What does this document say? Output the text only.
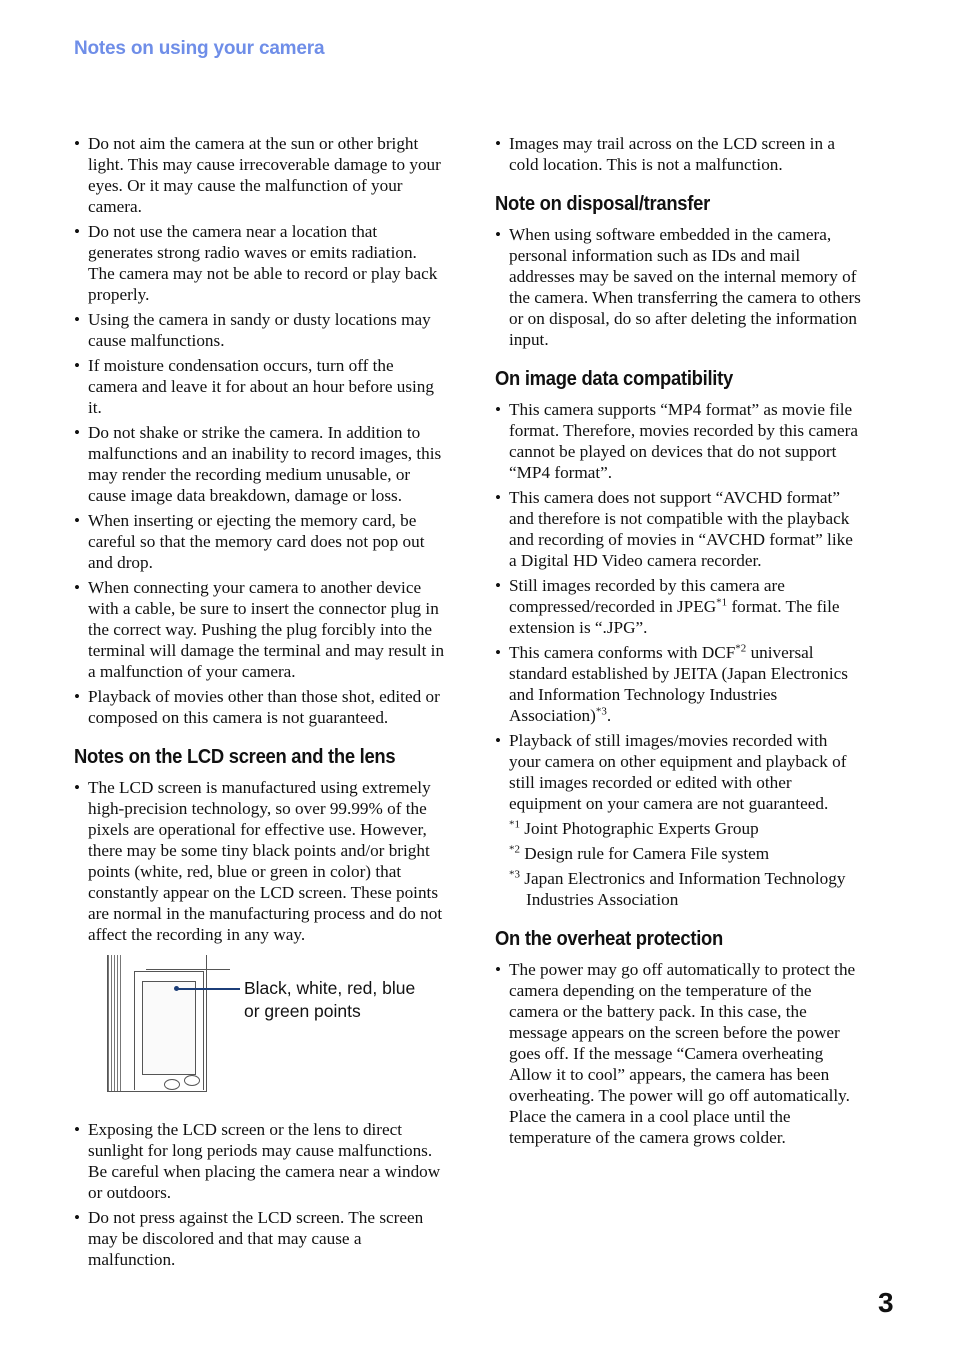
Notes on using your camera
• Do not aim the camera at the sun or other bright light. This may cause irrecoverable damage to your eyes. Or it may cause the malfunction of your camera.
• Do not use the camera near a location that generates strong radio waves or emits radiation. The camera may not be able to record or play back properly.
• Using the camera in sandy or dusty locations may cause malfunctions.
• If moisture condensation occurs, turn off the camera and leave it for about an hour before using it.
• Do not shake or strike the camera. In addition to malfunctions and an inability to record images, this may render the recording medium unusable, or cause image data breakdown, damage or loss.
• When inserting or ejecting the memory card, be careful so that the memory card does not pop out and drop.
• When connecting your camera to another device with a cable, be sure to insert the connector plug in the correct way. Pushing the plug forcibly into the terminal will damage the terminal and may result in a malfunction of your camera.
• Playback of movies other than those shot, edited or composed on this camera is not guaranteed.
Notes on the LCD screen and the lens
• The LCD screen is manufactured using extremely high-precision technology, so over 99.99% of the pixels are operational for effective use. However, there may be some tiny black points and/or bright points (white, red, blue or green in color) that constantly appear on the LCD screen. These points are normal in the manufacturing process and do not affect the recording in any way.
Black, white, red, blue or green points
• Exposing the LCD screen or the lens to direct sunlight for long periods may cause malfunctions. Be careful when placing the camera near a window or outdoors.
• Do not press against the LCD screen. The screen may be discolored and that may cause a malfunction.
• Images may trail across on the LCD screen in a cold location. This is not a malfunction.
Note on disposal/transfer
• When using software embedded in the camera, personal information such as IDs and mail addresses may be saved on the internal memory of the camera. When transferring the camera to others or on disposal, do so after deleting the information input.
On image data compatibility
• This camera supports “MP4 format” as movie file format. Therefore, movies recorded by this camera cannot be played on devices that do not support “MP4 format”.
• This camera does not support “AVCHD format” and therefore is not compatible with the playback and recording of movies in “AVCHD format” like a Digital HD Video camera recorder.
• Still images recorded by this camera are compressed/recorded in JPEG$^{*1}$ format. The file extension is “.JPG”.
• This camera conforms with DCF$^{*2}$ universal standard established by JEITA (Japan Electronics and Information Technology Industries Association)$^{*3}$.
• Playback of still images/movies recorded with your camera on other equipment and playback of still images recorded or edited with other equipment on your camera are not guaranteed.
$^{*1}$ Joint Photographic Experts Group
$^{*2}$ Design rule for Camera File system
$^{*3}$ Japan Electronics and Information Technology Industries Association
On the overheat protection
• The power may go off automatically to protect the camera depending on the temperature of the camera or the battery pack. In this case, the message appears on the screen before the power goes off. If the message “Camera overheating Allow it to cool” appears, the camera has been overheating. The power will go off automatically. Place the camera in a cool place until the temperature of the camera grows colder.
3
